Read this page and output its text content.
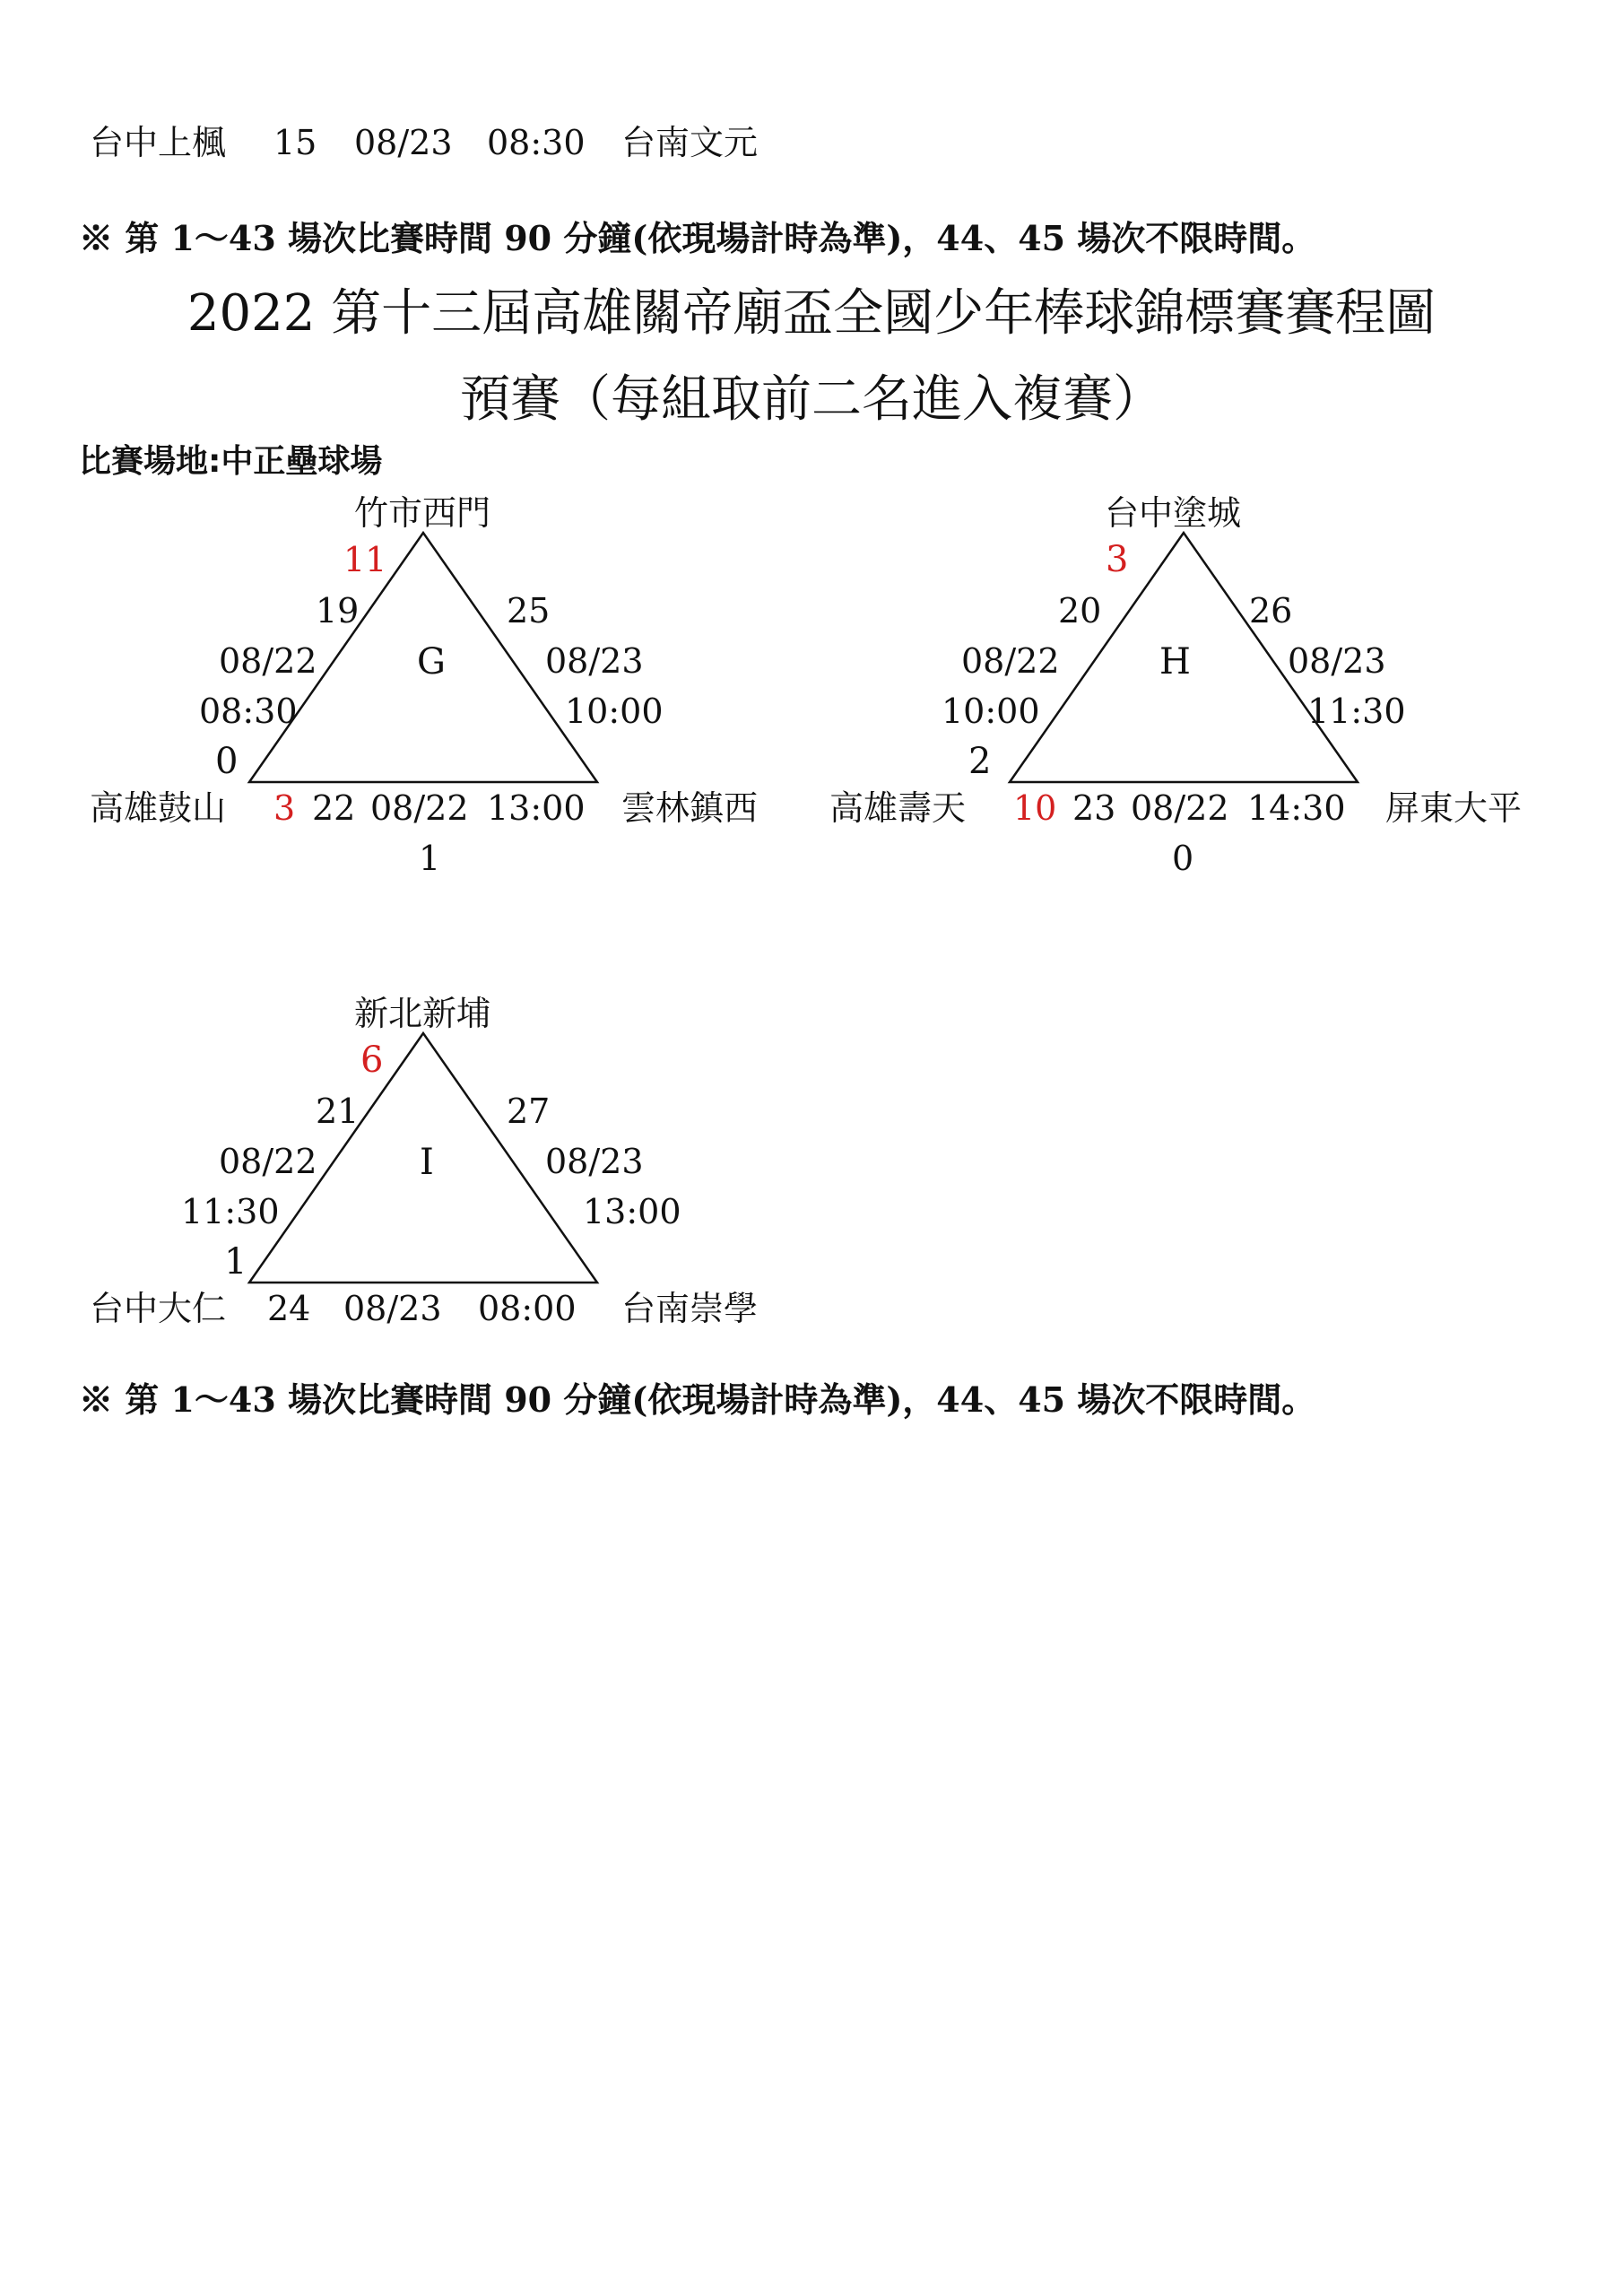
台中上楓 15 08/23 08:30 台南文元
※ 第 1～43 場次比賽時間 90 分鐘(依現場計時為準)，44、45 場次不限時間。
2022 第十三屆高雄關帝廟盃全國少年棒球錦標賽賽程圖
預賽（每組取前二名進入複賽）
比賽場地:中正壘球場
竹市西門
11
19
08/22
08:30
0
G
25
08/23
10:00
高雄鼓山 3 22 08/22 13:00 雲林鎮西
1
台中塗城
3
20
08/22
10:00
2
H
26
08/23
11:30
高雄壽天 10 23 08/22 14:30 屏東大平
0
新北新埔
6
21
08/22
11:30
1
I
27
08/23
13:00
台中大仁 24 08/23 08:00 台南崇學
※ 第 1～43 場次比賽時間 90 分鐘(依現場計時為準)，44、45 場次不限時間。
